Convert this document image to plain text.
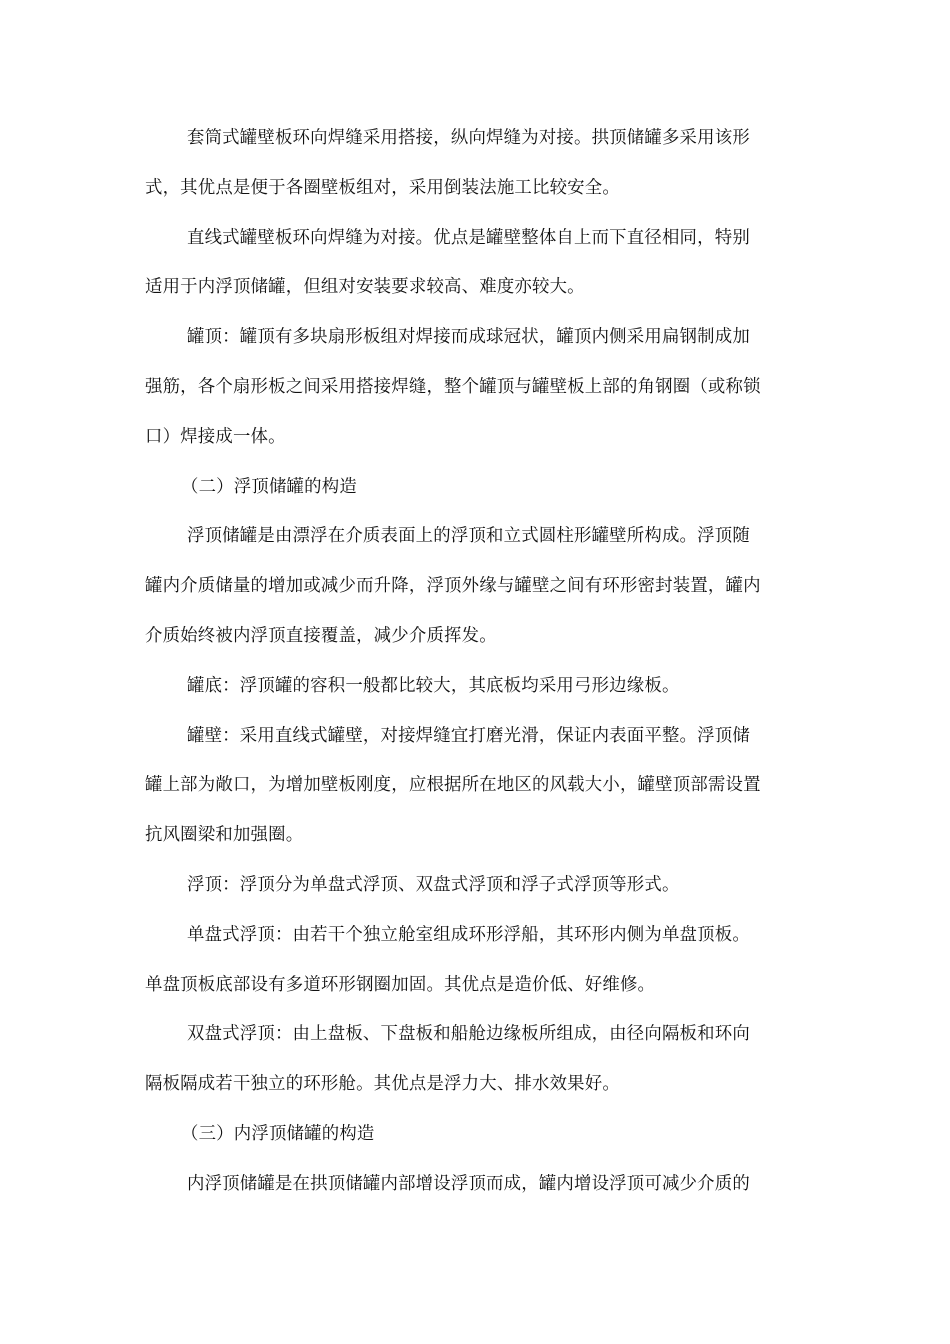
套筒式罐壁板环向焊缝采用搭接，纵向焊缝为对接。拱顶储罐多采用该形
式，其优点是便于各圈壁板组对，采用倒装法施工比较安全。
直线式罐壁板环向焊缝为对接。优点是罐壁整体自上而下直径相同，特别
适用于内浮顶储罐，但组对安装要求较高、难度亦较大。
罐顶：罐顶有多块扇形板组对焊接而成球冠状，罐顶内侧采用扁钢制成加
强筋，各个扇形板之间采用搭接焊缝，整个罐顶与罐壁板上部的角钢圈（或称锁
口）焊接成一体。
（二）浮顶储罐的构造
浮顶储罐是由漂浮在介质表面上的浮顶和立式圆柱形罐壁所构成。浮顶随
罐内介质储量的增加或减少而升降，浮顶外缘与罐壁之间有环形密封装置，罐内
介质始终被内浮顶直接覆盖，减少介质挥发。
罐底：浮顶罐的容积一般都比较大，其底板均采用弓形边缘板。
罐壁：采用直线式罐壁，对接焊缝宜打磨光滑，保证内表面平整。浮顶储
罐上部为敞口，为增加壁板刚度，应根据所在地区的风载大小，罐壁顶部需设置
抗风圈梁和加强圈。
浮顶：浮顶分为单盘式浮顶、双盘式浮顶和浮子式浮顶等形式。
单盘式浮顶：由若干个独立舱室组成环形浮船，其环形内侧为单盘顶板。
单盘顶板底部设有多道环形钢圈加固。其优点是造价低、好维修。
双盘式浮顶：由上盘板、下盘板和船舱边缘板所组成，由径向隔板和环向
隔板隔成若干独立的环形舱。其优点是浮力大、排水效果好。
（三）内浮顶储罐的构造
内浮顶储罐是在拱顶储罐内部增设浮顶而成，罐内增设浮顶可减少介质的
